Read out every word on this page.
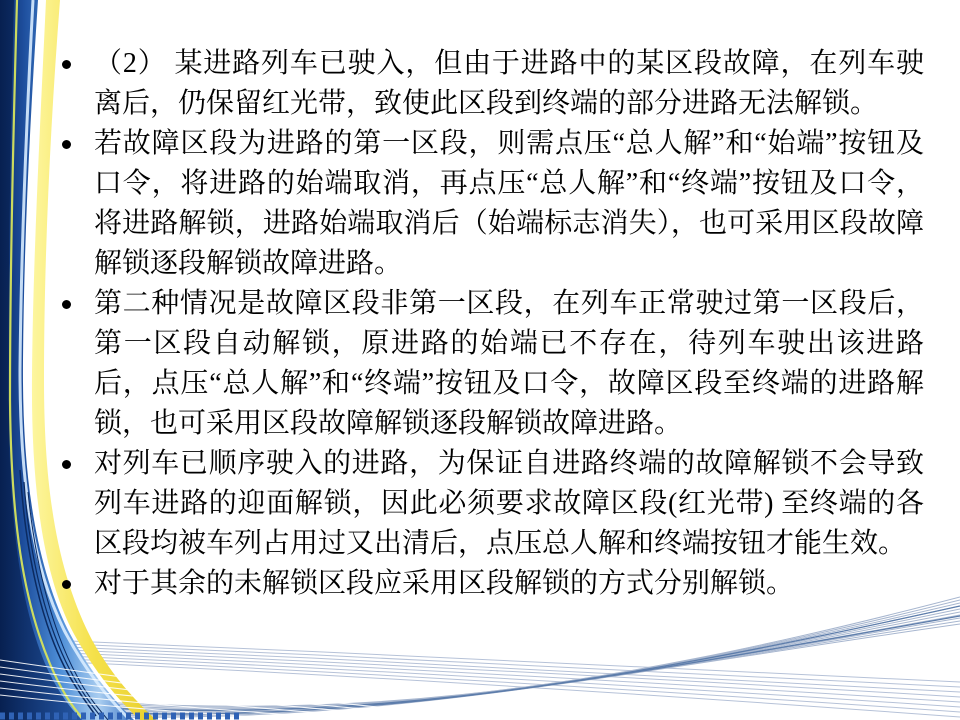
（2） 某进路列车已驶入，但由于进路中的某区段故障，在列车驶离后，仍保留红光带，致使此区段到终端的部分进路无法解锁。
若故障区段为进路的第一区段，则需点压“总人解”和“始端”按钮及口令，将进路的始端取消，再点压“总人解”和“终端”按钮及口令，将进路解锁，进路始端取消后（始端标志消失），也可采用区段故障解锁逐段解锁故障进路。
第二种情况是故障区段非第一区段，在列车正常驶过第一区段后，第一区段自动解锁，原进路的始端已不存在，待列车驶出该进路后，点压“总人解”和“终端”按钮及口令，故障区段至终端的进路解锁，也可采用区段故障解锁逐段解锁故障进路。
对列车已顺序驶入的进路，为保证自进路终端的故障解锁不会导致列车进路的迎面解锁，因此必须要求故障区段(红光带) 至终端的各区段均被车列占用过又出清后，点压总人解和终端按钮才能生效。
对于其余的未解锁区段应采用区段解锁的方式分别解锁。
